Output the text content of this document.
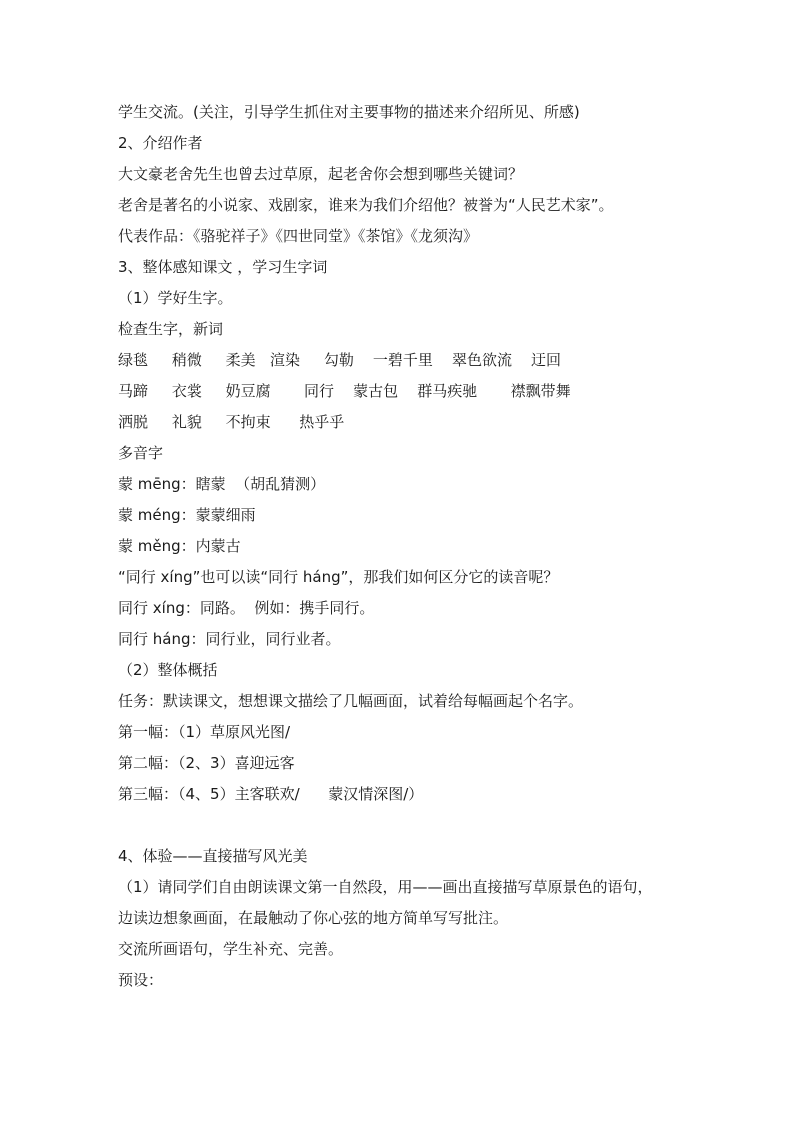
学生交流。(关注，引导学生抓住对主要事物的描述来介绍所见、所感)
2、介绍作者
大文豪老舍先生也曾去过草原，起老舍你会想到哪些关键词？
老舍是著名的小说家、戏剧家，谁来为我们介绍他？被誉为“人民艺术家”。
代表作品：《骆驼祥子》《四世同堂》《茶馆》《龙须沟》
3、整体感知课文 ，学习生字词
（1）学好生字。
检查生字，新词
绿毯     稍微     柔美   渲染     勾勒    一碧千里    翠色欲流    迂回
马蹄     衣裳     奶豆腐       同行    蒙古包    群马疾驰       襟飘带舞
洒脱     礼貌     不拘束      热乎乎
多音字
蒙 mēng：瞎蒙  （胡乱猜测）
蒙 méng：蒙蒙细雨
蒙 měng：内蒙古
“同行 xíng”也可以读“同行 háng”，那我们如何区分它的读音呢？
同行 xíng：同路。  例如：携手同行。
同行 háng：同行业，同行业者。
（2）整体概括
任务：默读课文，想想课文描绘了几幅画面，试着给每幅画起个名字。
第一幅：（1）草原风光图/
第二幅：（2、3）喜迎远客
第三幅：（4、5）主客联欢/      蒙汉情深图/）
4、体验——直接描写风光美
（1）请同学们自由朗读课文第一自然段，用——画出直接描写草原景色的语句，
边读边想象画面，在最触动了你心弦的地方简单写写批注。
交流所画语句，学生补充、完善。
预设：
